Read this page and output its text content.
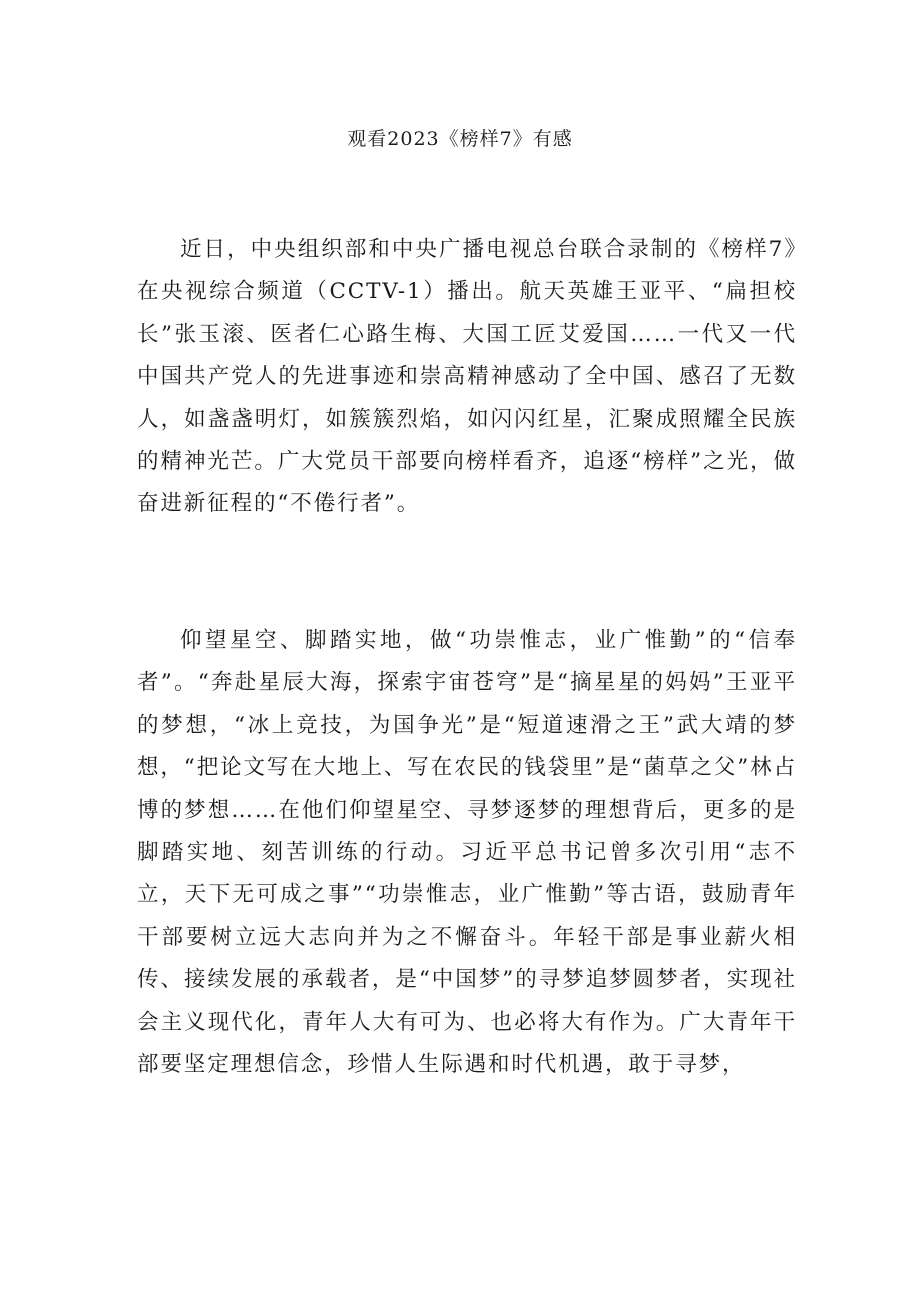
观看2023《榜样7》有感

近日，中央组织部和中央广播电视总台联合录制的《榜样7》在央视综合频道（CCTV-1）播出。航天英雄王亚平、“扁担校长”张玉滚、医者仁心路生梅、大国工匠艾爱国……一代又一代中国共产党人的先进事迹和崇高精神感动了全中国、感召了无数人，如盏盏明灯，如簇簇烈焰，如闪闪红星，汇聚成照耀全民族的精神光芒。广大党员干部要向榜样看齐，追逐“榜样”之光，做奋进新征程的“不倦行者”。

仰望星空、脚踏实地，做“功崇惟志，业广惟勤”的“信奉者”。“奔赴星辰大海，探索宇宙苍穹”是“摘星星的妈妈”王亚平的梦想，“冰上竞技，为国争光”是“短道速滑之王”武大靖的梦想，“把论文写在大地上、写在农民的钱袋里”是“菌草之父”林占博的梦想……在他们仰望星空、寻梦逐梦的理想背后，更多的是脚踏实地、刻苦训练的行动。习近平总书记曾多次引用“志不立，天下无可成之事”“功崇惟志，业广惟勤”等古语，鼓励青年干部要树立远大志向并为之不懈奋斗。年轻干部是事业薪火相传、接续发展的承载者，是“中国梦”的寻梦追梦圆梦者，实现社会主义现代化，青年人大有可为、也必将大有作为。广大青年干部要坚定理想信念，珍惜人生际遇和时代机遇，敢于寻梦，
